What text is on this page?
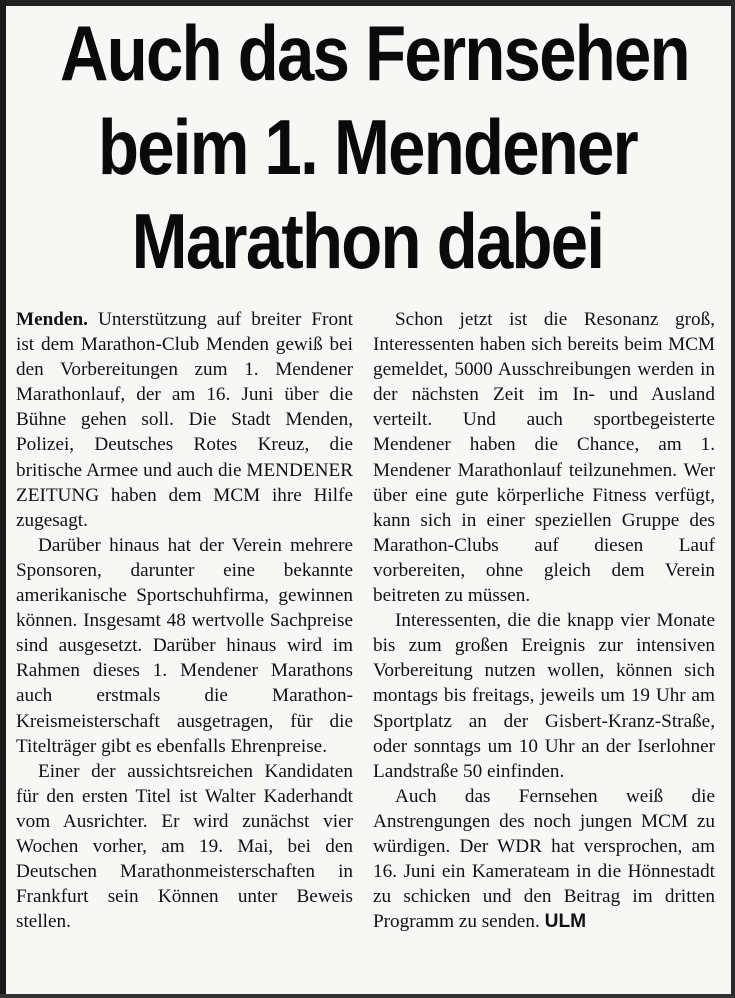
Auch das Fernsehen
beim 1. Mendener
Marathon dabei

Menden. Unterstützung auf breiter Front ist dem Marathon-Club Menden gewiß bei den Vorbereitungen zum 1. Mendener Marathonlauf, der am 16. Juni über die Bühne gehen soll. Die Stadt Menden, Polizei, Deutsches Rotes Kreuz, die britische Armee und auch die MENDENER ZEITUNG haben dem MCM ihre Hilfe zugesagt.

Darüber hinaus hat der Verein mehrere Sponsoren, darunter eine bekannte amerikanische Sportschuhfirma, gewinnen können. Insgesamt 48 wertvolle Sachpreise sind ausgesetzt. Darüber hinaus wird im Rahmen dieses 1. Mendener Marathons auch erstmals die Marathon-Kreismeisterschaft ausgetragen, für die Titelträger gibt es ebenfalls Ehrenpreise.

Einer der aussichtsreichen Kandidaten für den ersten Titel ist Walter Kaderhandt vom Ausrichter. Er wird zunächst vier Wochen vorher, am 19. Mai, bei den Deutschen Marathonmeisterschaften in Frankfurt sein Können unter Beweis stellen.

Schon jetzt ist die Resonanz groß, Interessenten haben sich bereits beim MCM gemeldet, 5000 Ausschreibungen werden in der nächsten Zeit im In- und Ausland verteilt. Und auch sportbegeisterte Mendener haben die Chance, am 1. Mendener Marathonlauf teilzunehmen. Wer über eine gute körperliche Fitness verfügt, kann sich in einer speziellen Gruppe des Marathon-Clubs auf diesen Lauf vorbereiten, ohne gleich dem Verein beitreten zu müssen.

Interessenten, die die knapp vier Monate bis zum großen Ereignis zur intensiven Vorbereitung nutzen wollen, können sich montags bis freitags, jeweils um 19 Uhr am Sportplatz an der Gisbert-Kranz-Straße, oder sonntags um 10 Uhr an der Iserlohner Landstraße 50 einfinden.

Auch das Fernsehen weiß die Anstrengungen des noch jungen MCM zu würdigen. Der WDR hat versprochen, am 16. Juni ein Kamerateam in die Hönnestadt zu schicken und den Beitrag im dritten Programm zu senden. ULM
